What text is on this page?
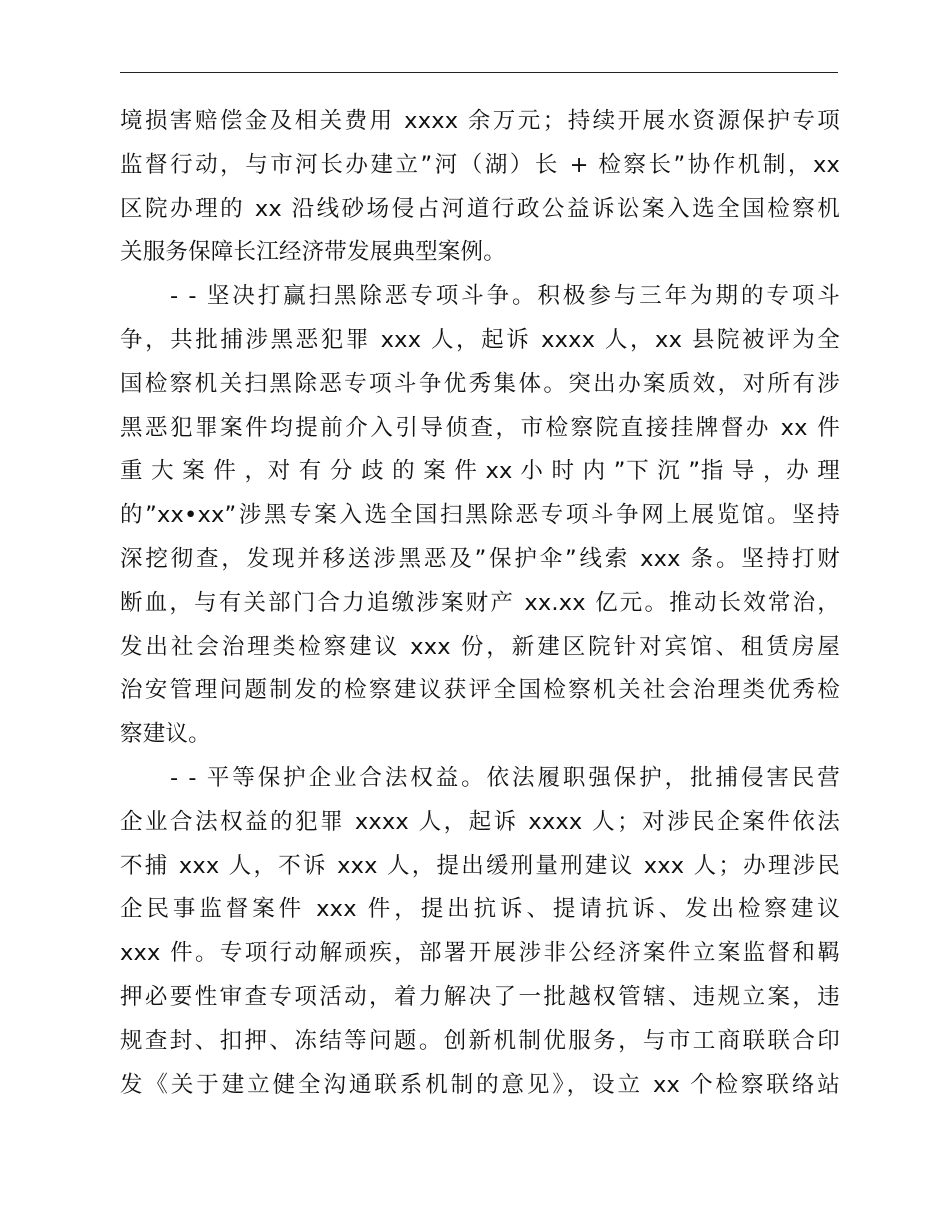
境损害赔偿金及相关费用 xxxx 余万元；持续开展水资源保护专项
监督行动，与市河长办建立”河（湖）长 + 检察长”协作机制，xx
区院办理的 xx 沿线砂场侵占河道行政公益诉讼案入选全国检察机
关服务保障长江经济带发展典型案例。
- - 坚决打赢扫黑除恶专项斗争。积极参与三年为期的专项斗
争，共批捕涉黑恶犯罪 xxx 人，起诉 xxxx 人，xx 县院被评为全
国检察机关扫黑除恶专项斗争优秀集体。突出办案质效，对所有涉
黑恶犯罪案件均提前介入引导侦查，市检察院直接挂牌督办 xx 件
重 大 案 件 ，对 有 分 歧 的 案 件 xx 小 时 内 ”下 沉 ”指 导 ，办 理
的”xx•xx”涉黑专案入选全国扫黑除恶专项斗争网上展览馆。坚持
深挖彻查，发现并移送涉黑恶及”保护伞”线索 xxx 条。坚持打财
断血，与有关部门合力追缴涉案财产 xx.xx 亿元。推动长效常治，
发出社会治理类检察建议 xxx 份，新建区院针对宾馆、租赁房屋
治安管理问题制发的检察建议获评全国检察机关社会治理类优秀检
察建议。
- - 平等保护企业合法权益。依法履职强保护，批捕侵害民营
企业合法权益的犯罪 xxxx 人，起诉 xxxx 人；对涉民企案件依法
不捕 xxx 人，不诉 xxx 人，提出缓刑量刑建议 xxx 人；办理涉民
企民事监督案件 xxx 件，提出抗诉、提请抗诉、发出检察建议
xxx 件。专项行动解顽疾，部署开展涉非公经济案件立案监督和羁
押必要性审查专项活动，着力解决了一批越权管辖、违规立案，违
规查封、扣押、冻结等问题。创新机制优服务，与市工商联联合印
发《关于建立健全沟通联系机制的意见》，设立 xx 个检察联络站
